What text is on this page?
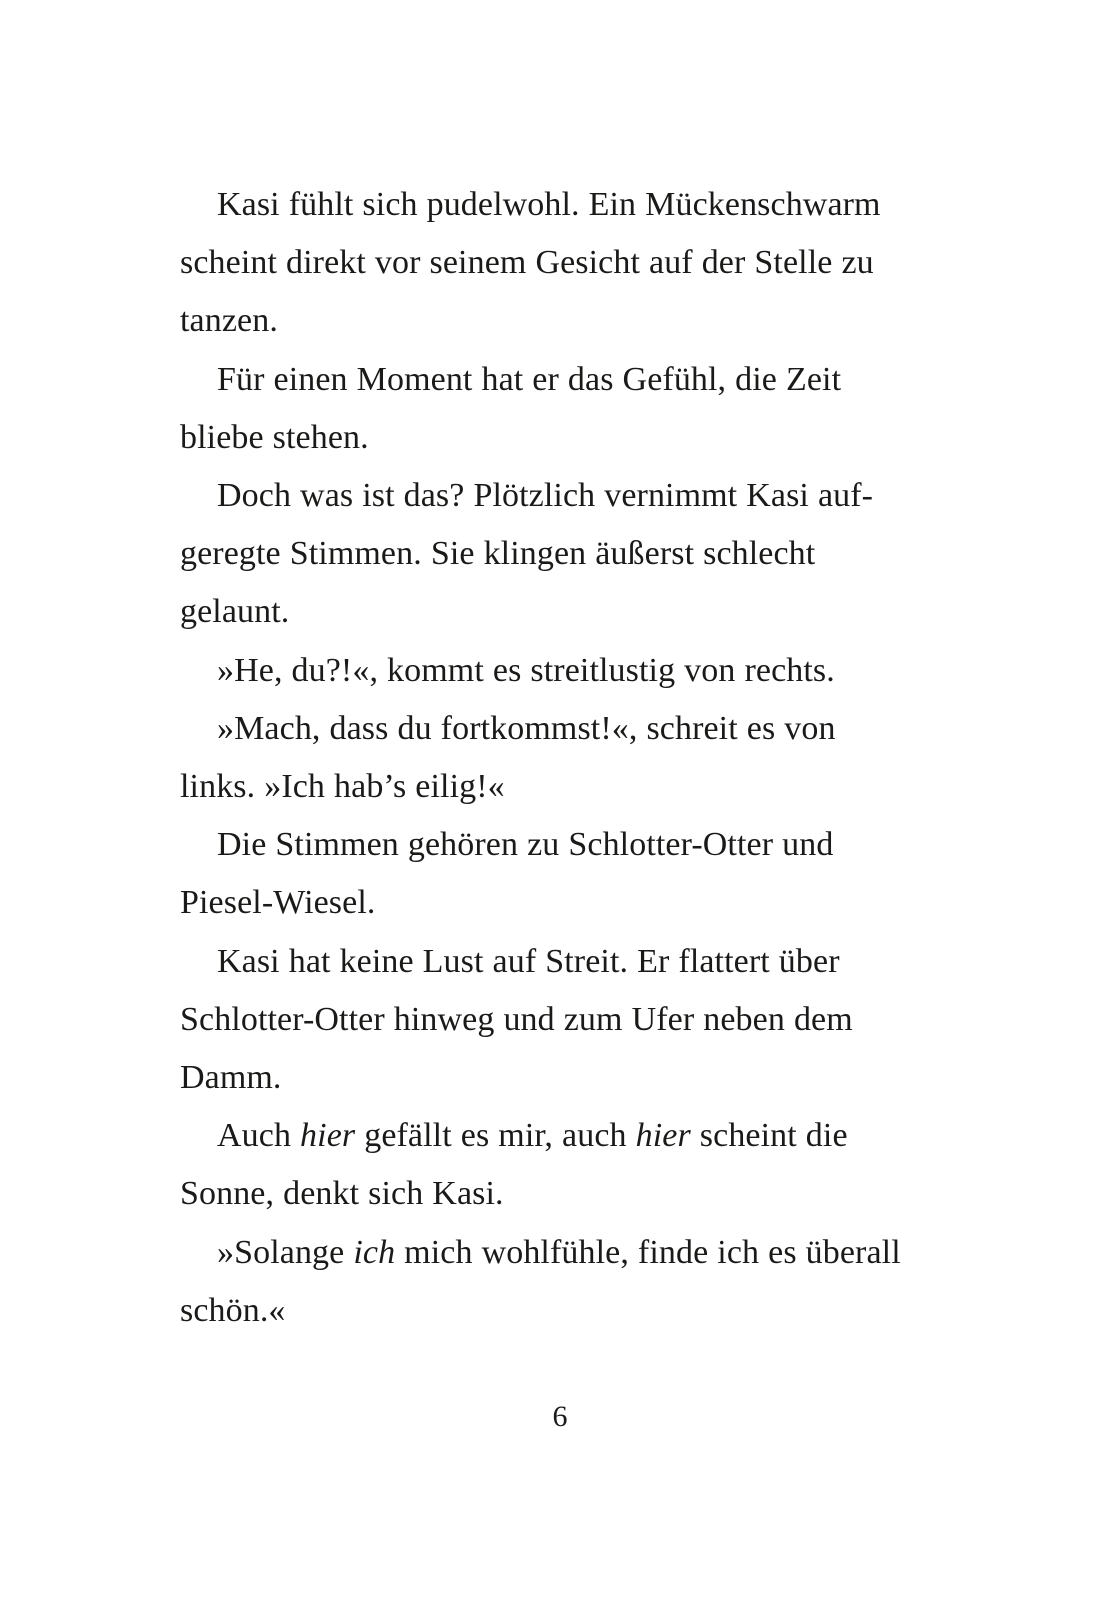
Kasi fühlt sich pudelwohl. Ein Mückenschwarm
scheint direkt vor seinem Gesicht auf der Stelle zu
tanzen.

Für einen Moment hat er das Gefühl, die Zeit
bliebe stehen.

Doch was ist das? Plötzlich vernimmt Kasi auf-
geregte Stimmen. Sie klingen äußerst schlecht
gelaunt.

»He, du?!«, kommt es streitlustig von rechts.

»Mach, dass du fortkommst!«, schreit es von
links. »Ich hab’s eilig!«

Die Stimmen gehören zu Schlotter-Otter und
Piesel-Wiesel.

Kasi hat keine Lust auf Streit. Er flattert über
Schlotter-Otter hinweg und zum Ufer neben dem
Damm.

Auch hier gefällt es mir, auch hier scheint die
Sonne, denkt sich Kasi.

»Solange ich mich wohlfühle, finde ich es überall
schön.«

6
